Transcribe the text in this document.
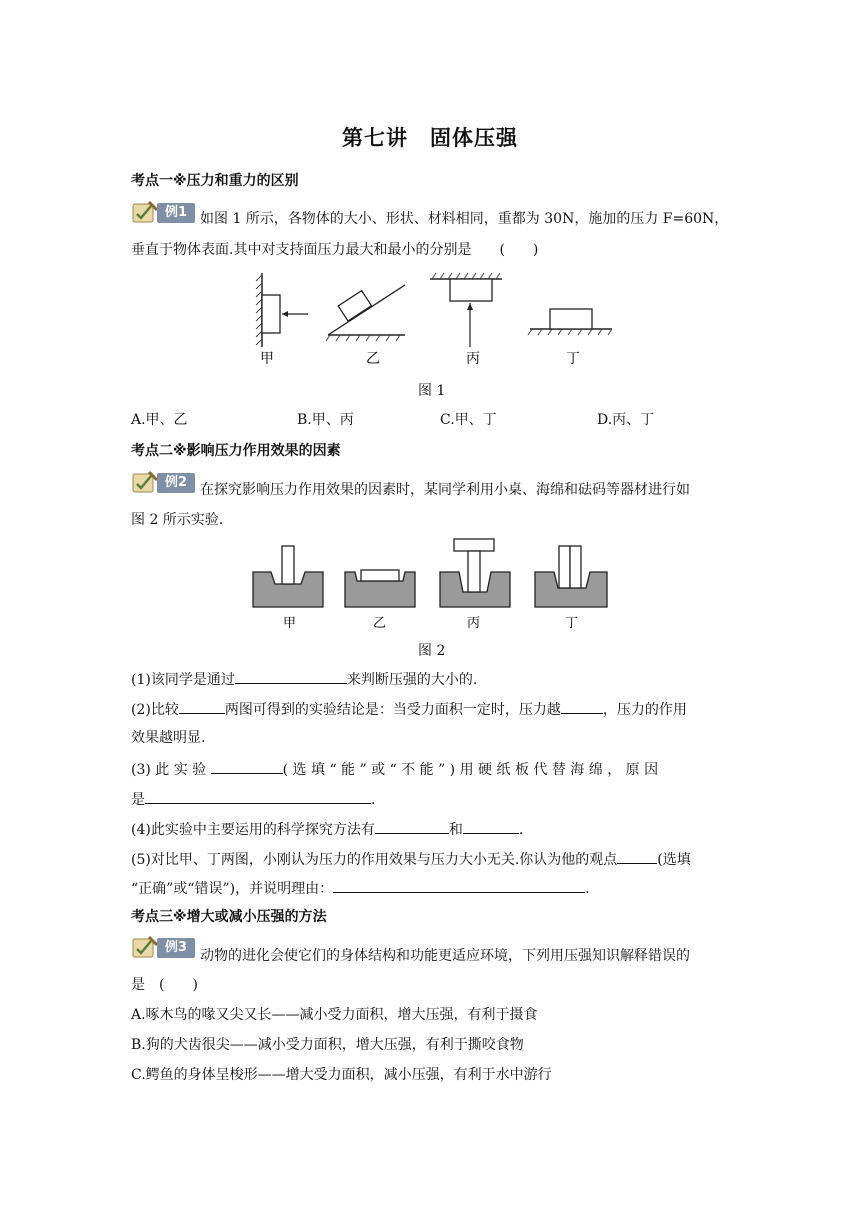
第七讲　固体压强
考点一※压力和重力的区别
例1 如图 1 所示，各物体的大小、形状、材料相同，重都为 30N，施加的压力 F=60N，
垂直于物体表面.其中对支持面压力最大和最小的分别是　　(　　)
甲	乙	丙	丁
图 1
A.甲、乙	B.甲、丙	C.甲、丁	D.丙、丁
考点二※影响压力作用效果的因素
例2 在探究影响压力作用效果的因素时，某同学利用小桌、海绵和砝码等器材进行如
图 2 所示实验.
甲	乙	丙	丁
图 2
(1)该同学是通过	来判断压强的大小的.
(2)比较	两图可得到的实验结论是：当受力面积一定时，压力越	，压力的作用
效果越明显.
(3) 此 实 验	( 选 填 “ 能 ” 或 “ 不 能 ” ) 用 硬 纸 板 代 替 海 绵 ， 原 因
是	.
(4)此实验中主要运用的科学探究方法有	和	.
(5)对比甲、丁两图，小刚认为压力的作用效果与压力大小无关.你认为他的观点	(选填
“正确”或“错误”)，并说明理由：	.
考点三※增大或减小压强的方法
例3
动物的进化会使它们的身体结构和功能更适应环境，下列用压强知识解释错误的
是　(　　)
A.啄木鸟的喙又尖又长——减小受力面积，增大压强，有利于摄食
B.狗的犬齿很尖——减小受力面积，增大压强，有利于撕咬食物
C.鳄鱼的身体呈梭形——增大受力面积，减小压强，有利于水中游行
